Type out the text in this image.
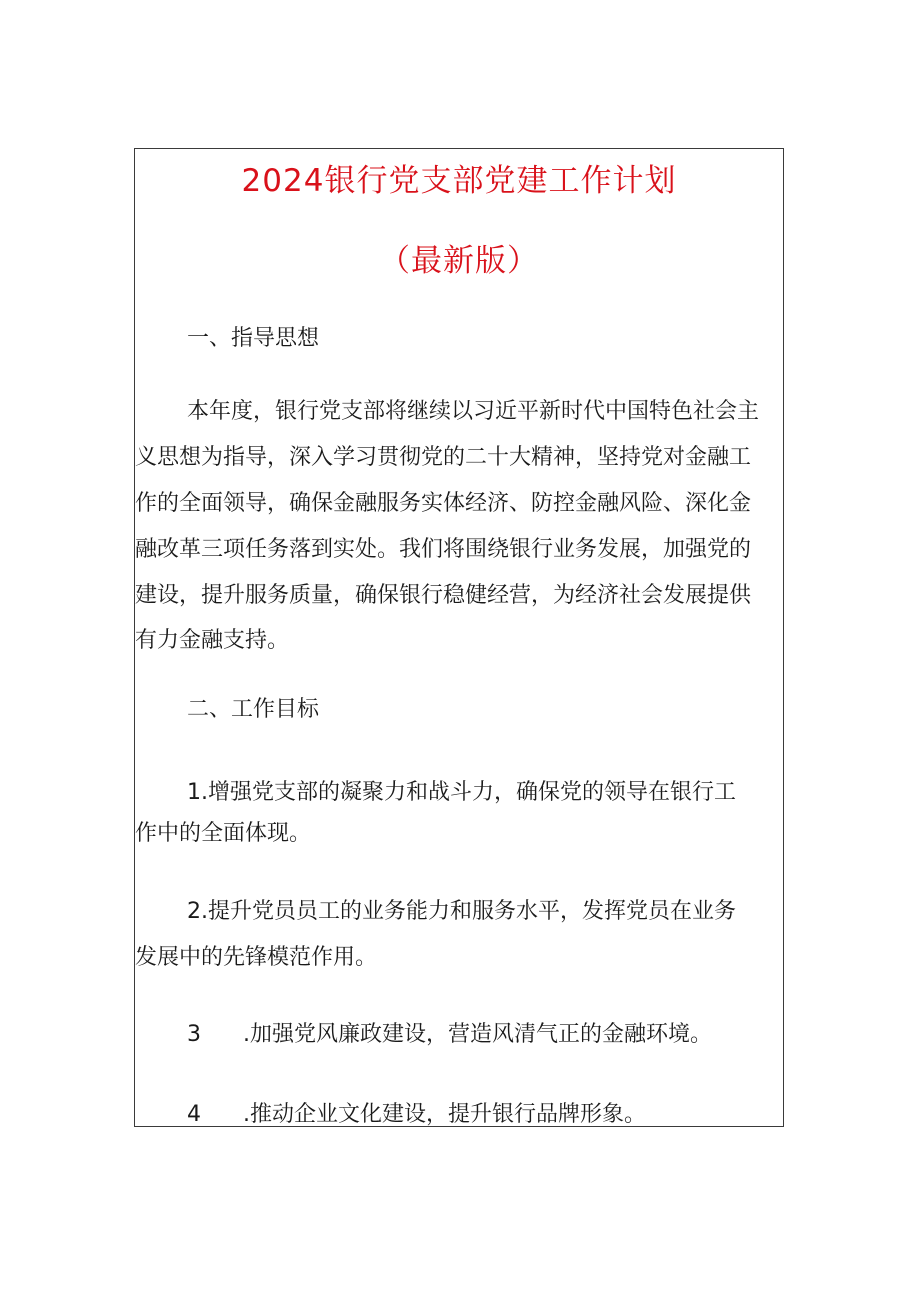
2024银行党支部党建工作计划
（最新版）
一、指导思想
本年度，银行党支部将继续以习近平新时代中国特色社会主
义思想为指导，深入学习贯彻党的二十大精神，坚持党对金融工
作的全面领导，确保金融服务实体经济、防控金融风险、深化金
融改革三项任务落到实处。我们将围绕银行业务发展，加强党的
建设，提升服务质量，确保银行稳健经营，为经济社会发展提供
有力金融支持。
二、工作目标
1.增强党支部的凝聚力和战斗力，确保党的领导在银行工
作中的全面体现。
2.提升党员员工的业务能力和服务水平，发挥党员在业务
发展中的先锋模范作用。
3 .加强党风廉政建设，营造风清气正的金融环境。
4 .推动企业文化建设，提升银行品牌形象。
